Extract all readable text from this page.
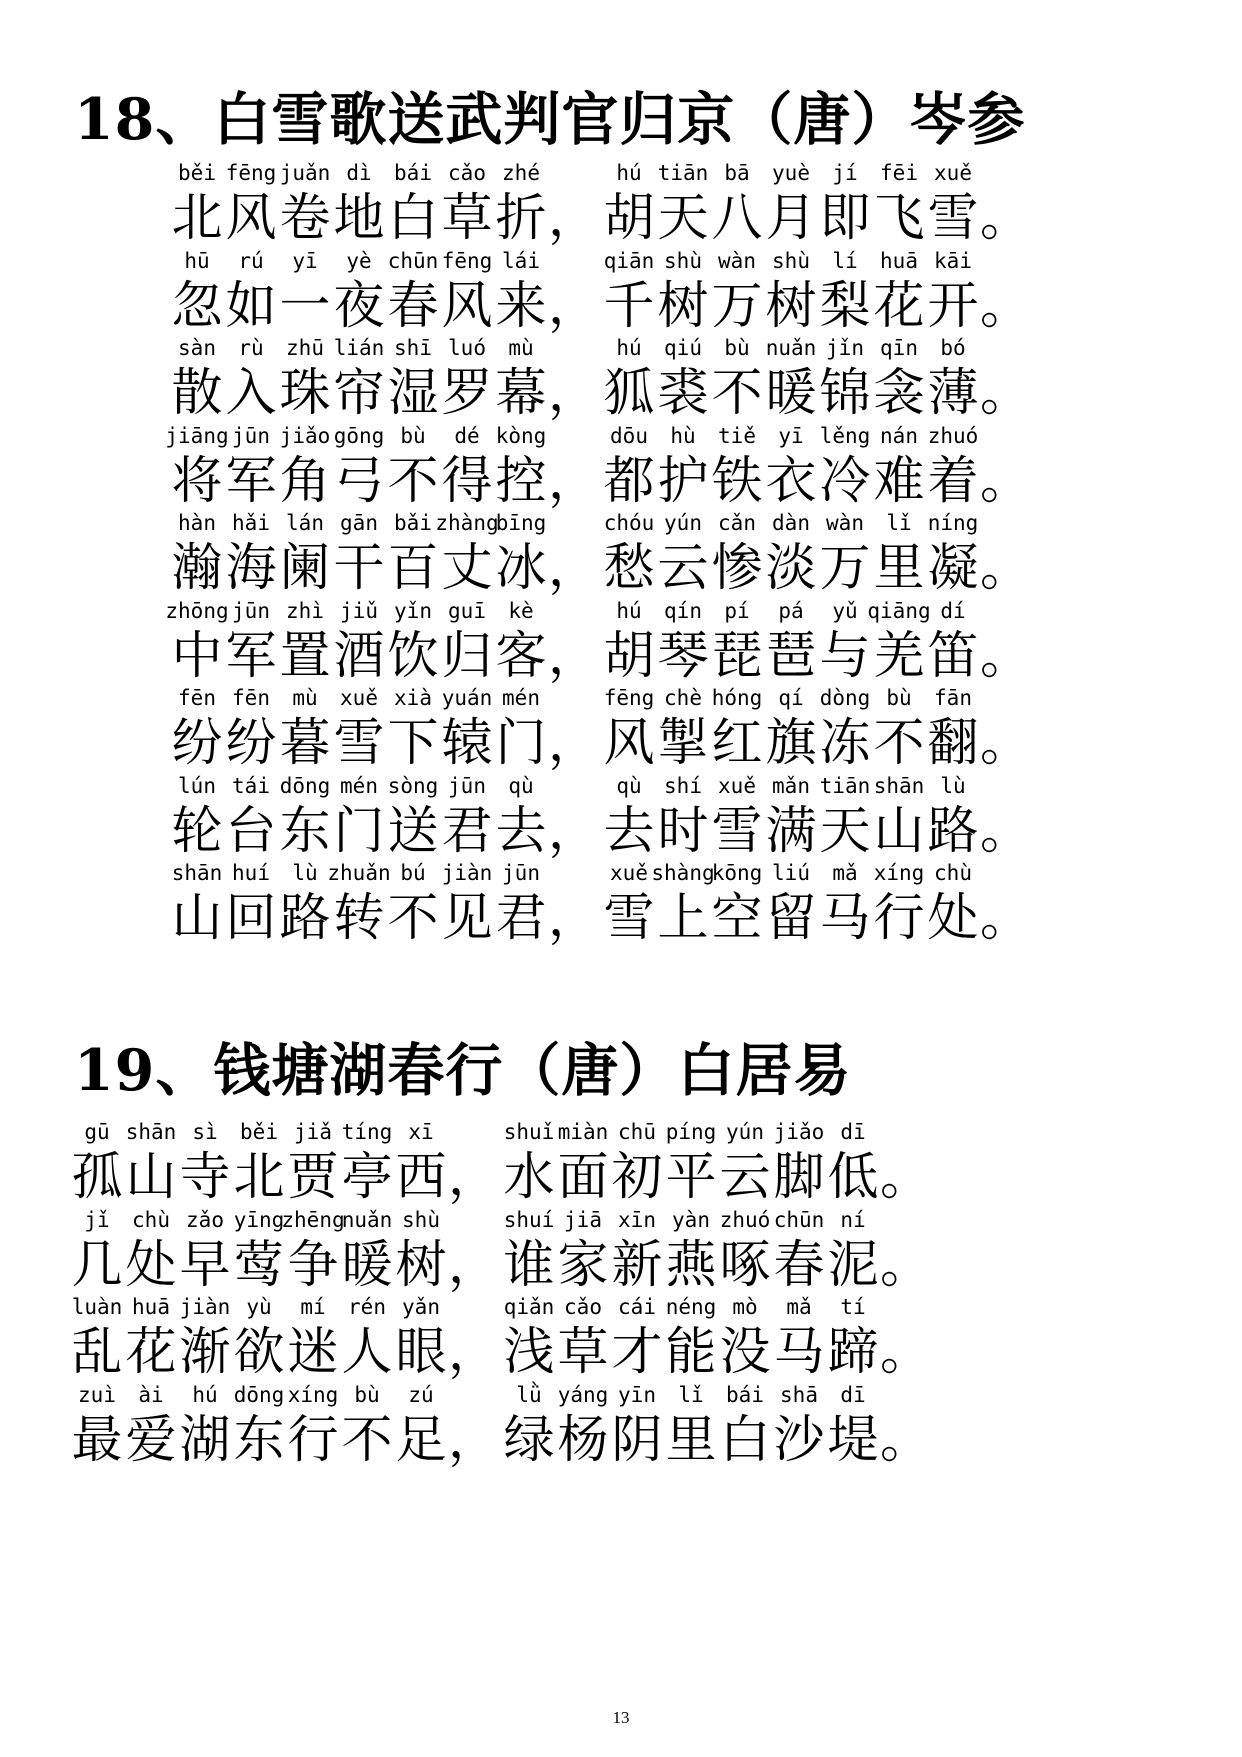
18、白雪歌送武判官归京（唐）岑参
běi
北
fēng
风
juǎn
卷
dì
地
bái
白
cǎo
草
zhé
折 ，
hú
胡
tiān
天
bā
八
yuè
月
jí
即
fēi
飞
xuě
雪 。
hū
忽
rú
如
yī
一
yè
夜
chūn
春
fēng
风
lái
来 ，
qiān
千
shù
树
wàn
万
shù
树
lí
梨
huā
花
kāi
开 。
sàn
散
rù
入
zhū
珠
lián
帘
shī
湿
luó
罗
mù
幕 ，
hú
狐
qiú
裘
bù
不
nuǎn
暖
jǐn
锦
qīn
衾
bó
薄 。
jiāng
将
jūn
军
jiǎo
角
gōng
弓
bù
不
dé
得
kòng
控 ，
dōu
都
hù
护
tiě
铁
yī
衣
lěng
冷
nán
难
zhuó
着 。
hàn
瀚
hǎi
海
lán
阑
gān
干
bǎi
百
zhàng
丈
bīng
冰 ，
chóu
愁
yún
云
cǎn
惨
dàn
淡
wàn
万
lǐ
里
níng
凝 。
zhōng
中
jūn
军
zhì
置
jiǔ
酒
yǐn
饮
guī
归
kè
客 ，
hú
胡
qín
琴
pí
琵
pá
琶
yǔ
与
qiāng
羌
dí
笛 。
fēn
纷
fēn
纷
mù
暮
xuě
雪
xià
下
yuán
辕
mén
门 ，
fēng
风
chè
掣
hóng
红
qí
旗
dòng
冻
bù
不
fān
翻 。
lún
轮
tái
台
dōng
东
mén
门
sòng
送
jūn
君
qù
去 ，
qù
去
shí
时
xuě
雪
mǎn
满
tiān
天
shān
山
lù
路 。
shān
山
huí
回
lù
路
zhuǎn
转
bú
不
jiàn
见
jūn
君 ，
xuě
雪
shàng
上
kōng
空
liú
留
mǎ
马
xíng
行
chù
处 。
19、钱塘湖春行（唐）白居易
gū
孤
shān
山
sì
寺
běi
北
jiǎ
贾
tíng
亭
xī
西 ，
shuǐ
水
miàn
面
chū
初
píng
平
yún
云
jiǎo
脚
dī
低 。
jǐ
几
chù
处
zǎo
早
yīng
莺
zhēng
争
nuǎn
暖
shù
树 ，
shuí
谁
jiā
家
xīn
新
yàn
燕
zhuó
啄
chūn
春
ní
泥 。
luàn
乱
huā
花
jiàn
渐
yù
欲
mí
迷
rén
人
yǎn
眼 ，
qiǎn
浅
cǎo
草
cái
才
néng
能
mò
没
mǎ
马
tí
蹄 。
zuì
最
ài
爱
hú
湖
dōng
东
xíng
行
bù
不
zú
足 ，
lǜ
绿
yáng
杨
yīn
阴
lǐ
里
bái
白
shā
沙
dī
堤 。
13
